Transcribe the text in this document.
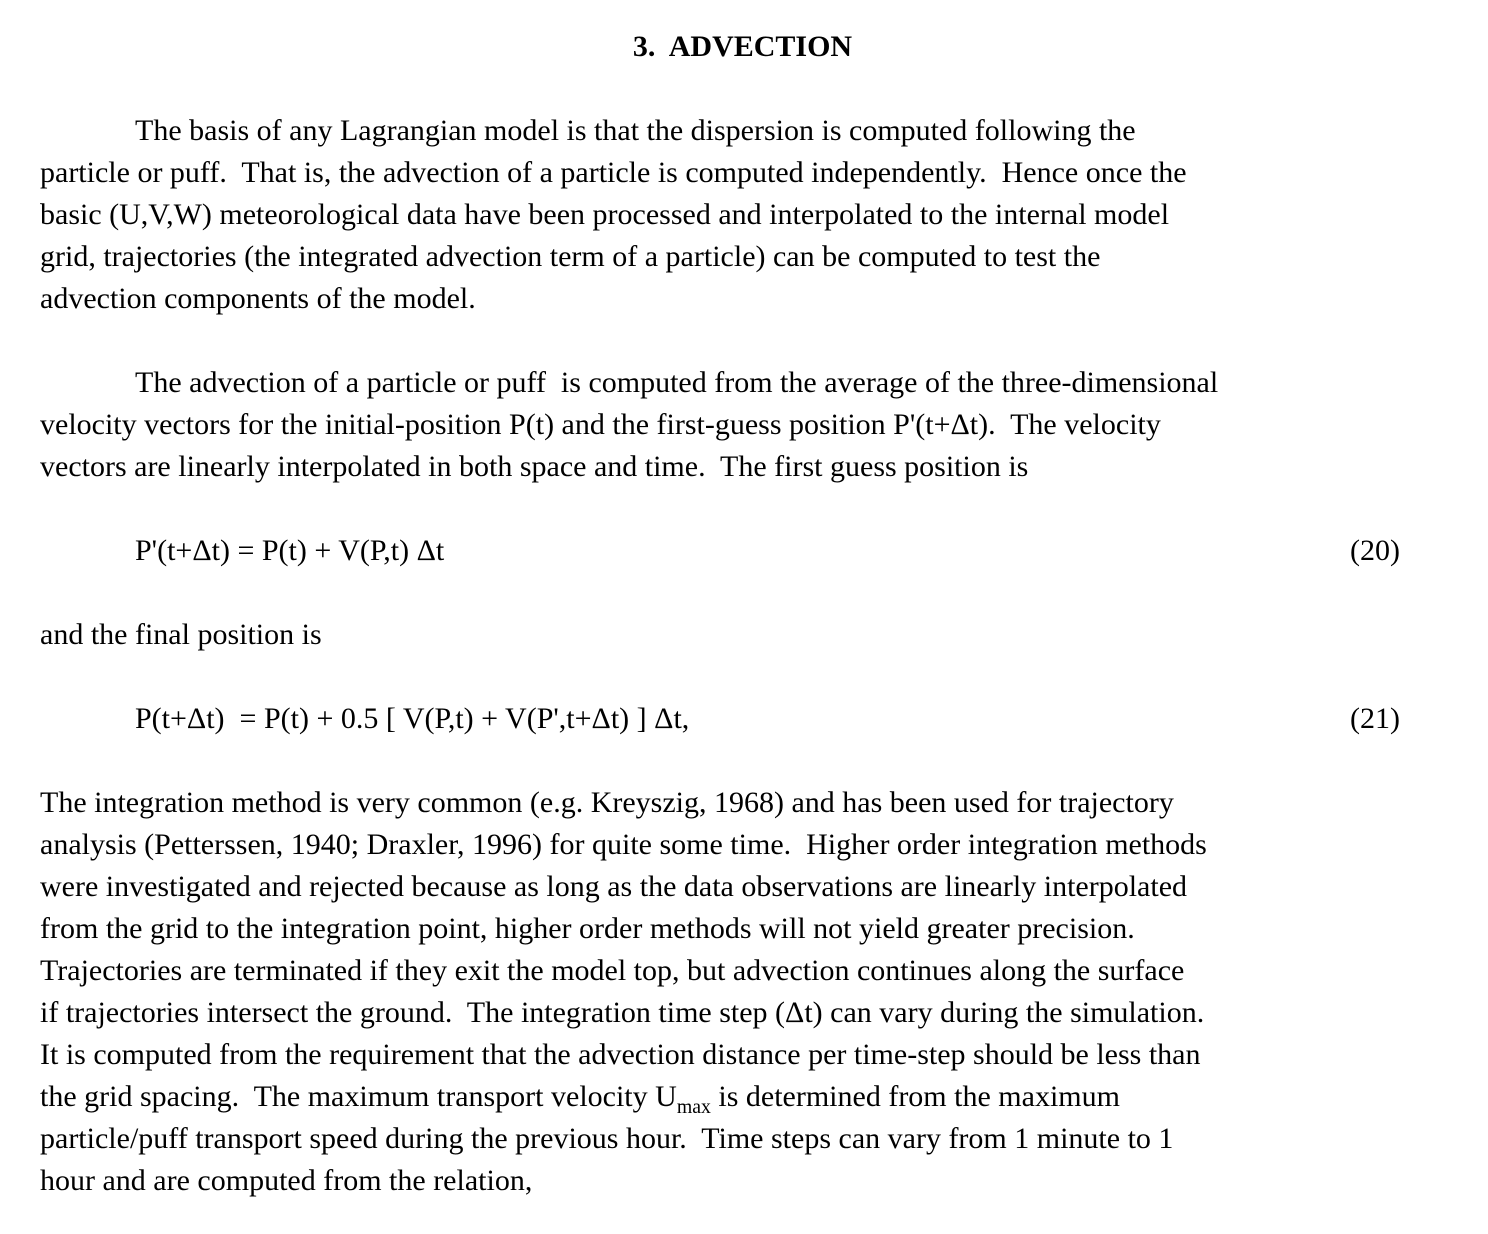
3.  ADVECTION
The basis of any Lagrangian model is that the dispersion is computed following the
particle or puff.  That is, the advection of a particle is computed independently.  Hence once the
basic (U,V,W) meteorological data have been processed and interpolated to the internal model
grid, trajectories (the integrated advection term of a particle) can be computed to test the
advection components of the model.
The advection of a particle or puff  is computed from the average of the three-dimensional
velocity vectors for the initial-position P(t) and the first-guess position P'(t+Δt).  The velocity
vectors are linearly interpolated in both space and time.  The first guess position is
P'(t+Δt) = P(t) + V(P,t) Δt	(20)
and the final position is
P(t+Δt)  = P(t) + 0.5 [ V(P,t) + V(P',t+Δt) ] Δt,	(21)
The integration method is very common (e.g. Kreyszig, 1968) and has been used for trajectory
analysis (Petterssen, 1940; Draxler, 1996) for quite some time.  Higher order integration methods
were investigated and rejected because as long as the data observations are linearly interpolated
from the grid to the integration point, higher order methods will not yield greater precision.
Trajectories are terminated if they exit the model top, but advection continues along the surface
if trajectories intersect the ground.  The integration time step (Δt) can vary during the simulation.
It is computed from the requirement that the advection distance per time-step should be less than
the grid spacing.  The maximum transport velocity $U_{max}$ is determined from the maximum
particle/puff transport speed during the previous hour.  Time steps can vary from 1 minute to 1
hour and are computed from the relation,
